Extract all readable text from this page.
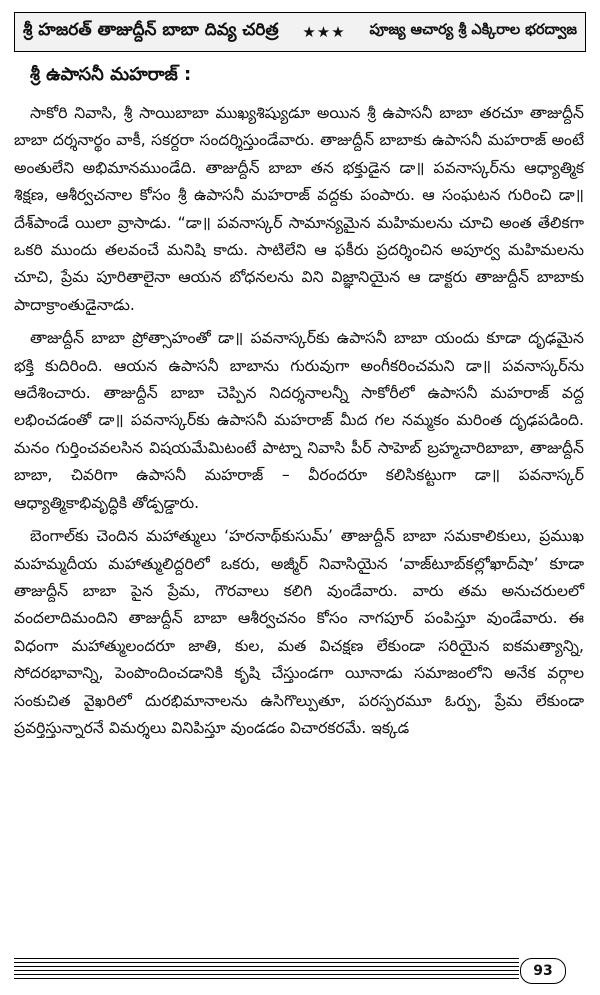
శ్రీ హజరత్ తాజుద్దీన్ బాబా దివ్య చరిత్ర ★★★ పూజ్య ఆచార్య శ్రీ ఎక్కిరాల భరద్వాజ
శ్రీ ఉపాసనీ మహరాజ్ :

సాకోరి నివాసి, శ్రీ సాయిబాబా ముఖ్యశిష్యుడూ అయిన శ్రీ ఉపాసనీ బాబా తరచూ తాజుద్దీన్ బాబా దర్శనార్థం వాకీ, సకర్దరా సందర్శిస్తుండేవారు. తాజుద్దీన్ బాబాకు ఉపాసనీ మహరాజ్ అంటే అంతులేని అభిమానముండేది. తాజుద్దీన్ బాబా తన భక్తుడైన డా॥ పవనాస్కర్‌ను ఆధ్యాత్మిక శిక్షణ, ఆశీర్వచనాల కోసం శ్రీ ఉపాసనీ మహరాజ్ వద్దకు పంపారు. ఆ సంఘటన గురించి డా॥ దేశ్‌పాండే యిలా వ్రాసాడు. “డా॥ పవనాస్కర్ సామాన్యమైన మహిమలను చూచి అంత తేలికగా ఒకరి ముందు తలవంచే మనిషి కాదు. సాటిలేని ఆ ఫకీరు ప్రదర్శించిన అపూర్వ మహిమలను చూచి, ప్రేమ పూరితాలైనా ఆయన బోధనలను విని విజ్ఞానియైన ఆ డాక్టరు తాజుద్దీన్ బాబాకు పాదాక్రాంతుడైనాడు.

తాజుద్దీన్ బాబా ప్రోత్సాహంతో డా॥ పవనాస్కర్‌కు ఉపాసనీ బాబా యందు కూడా దృఢమైన భక్తి కుదిరింది. ఆయన ఉపాసనీ బాబాను గురువుగా అంగీకరించమని డా॥ పవనాస్కర్‌ను ఆదేశించారు. తాజుద్దీన్ బాబా చెప్పిన నిదర్శనాలన్నీ సాకోరీలో ఉపాసనీ మహరాజ్ వద్ద లభించడంతో డా॥ పవనాస్కర్‌కు ఉపాసనీ మహరాజ్ మీద గల నమ్మకం మరింత దృఢపడింది. మనం గుర్తించవలసిన విషయమేమిటంటే పాట్నా నివాసి పీర్ సాహెబ్ బ్రహ్మచారిబాబా, తాజుద్దీన్ బాబా, చివరిగా ఉపాసనీ మహరాజ్ – వీరందరూ కలిసికట్టుగా డా॥ పవనాస్కర్ ఆధ్యాత్మికాభివృద్ధికి తోడ్పడ్డారు.

బెంగాల్‌కు చెందిన మహాత్ములు ‘హరనాథ్‌కుసుమ్’ తాజుద్దీన్ బాబా సమకాలికులు, ప్రముఖ మహమ్మదీయ మహాత్ములిద్దరిలో ఒకరు, అజ్మీర్ నివాసియైన ‘వాజ్‌టూబ్‌కల్లోఖాద్‌షా’ కూడా తాజుద్దీన్ బాబా పైన ప్రేమ, గౌరవాలు కలిగి వుండేవారు. వారు తమ అనుచరులలో వందలాదిమందిని తాజుద్దీన్ బాబా ఆశీర్వచనం కోసం నాగపూర్ పంపిస్తూ వుండేవారు. ఈ విధంగా మహాత్ములందరూ జాతి, కుల, మత విచక్షణ లేకుండా సరియైన ఐకమత్యాన్ని, సోదరభావాన్ని, పెంపొందించడానికి కృషి చేస్తుండగా యీనాడు సమాజంలోని అనేక వర్గాల సంకుచిత వైఖరిలో దురభిమానాలను ఉసిగొల్పుతూ, పరస్పరమూ ఓర్పు, ప్రేమ లేకుండా ప్రవర్తిస్తున్నారనే విమర్శలు వినిపిస్తూ వుండడం విచారకరమే. ఇక్కడ

93
